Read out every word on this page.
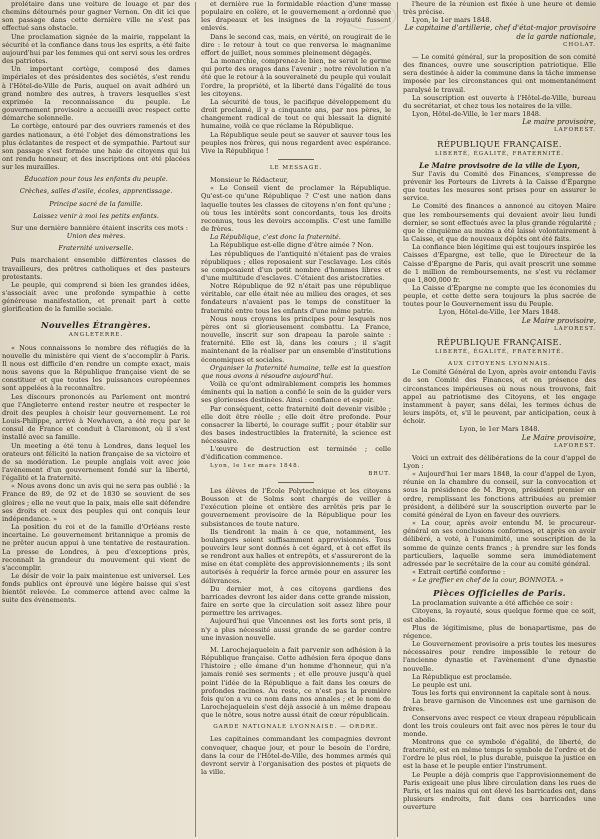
prolétaire dans une voiture de louage et par des chemins détournés pour gagner Vernon. On dit ici que son passage dans cette dernière ville ne s'est pas effectué sans obstacle.

Une proclamation signée de la mairie, rappelant la sécurité et la confiance dans tous les esprits, a été faite aujourd'hui par les femmes qui ont servi sous les ordres des patriotes.

Un important cortège, composé des dames impériales et des présidentes des sociétés, s'est rendu à l'Hôtel-de-Ville de Paris, auquel on avait adhéré un grand nombre des autres, à travers lesquelles s'est exprimée la reconnaissance du peuple. Le gouvernement provisoire a accueilli avec respect cette démarche solennelle.

Le cortège, entouré par des ouvriers ramenés et des gardes nationaux, a été l'objet des démonstrations les plus éclatantes de respect et de sympathie. Partout sur son passage s'est formée une haie de citoyens qui lui ont rendu honneur, et des inscriptions ont été placées sur les murailles.

Éducation pour tous les enfants du peuple.

Crèches, salles d'asile, écoles, apprentissage.

Principe sacré de la famille.

Laissez venir à moi les petits enfants.

Sur une dernière bannière étaient inscrits ces mots :

Union des mères.

Fraternité universelle.

Puis marchaient ensemble différentes classes de travailleurs, des prêtres catholiques et des pasteurs protestants.

Le peuple, qui comprend si bien les grandes idées, s'associait avec une profonde sympathie à cette généreuse manifestation, et prenait part à cette glorification de la famille sociale.

Nouvelles Étrangères.

ANGLETERRE.

« Nous connaissons le nombre des réfugiés de la nouvelle du ministère qui vient de s'accomplir à Paris. Il nous est difficile d'en rendre un compte exact, mais nous savons que la République française vient de se constituer et que toutes les puissances européennes sont appelées à la reconnaître.

Les discours prononcés au Parlement ont montré que l'Angleterre entend rester neutre et respecter le droit des peuples à choisir leur gouvernement. Le roi Louis-Philippe, arrivé à Newhaven, a été reçu par le consul de France et conduit à Claremont, où il s'est installé avec sa famille.

Un meeting a été tenu à Londres, dans lequel les orateurs ont félicité la nation française de sa victoire et de sa modération. Le peuple anglais voit avec joie l'avènement d'un gouvernement fondé sur la liberté, l'égalité et la fraternité.

« Nous avons donc un avis qui ne sera pas oublié : la France de 89, de 92 et de 1830 se souvient de ses gloires ; elle ne veut que la paix, mais elle sait défendre ses droits et ceux des peuples qui ont conquis leur indépendance. »

La position du roi et de la famille d'Orléans reste incertaine. Le gouvernement britannique a promis de ne prêter aucun appui à une tentative de restauration. La presse de Londres, à peu d'exceptions près, reconnaît la grandeur du mouvement qui vient de s'accomplir.

Le désir de voir la paix maintenue est universel. Les fonds publics ont éprouvé une légère baisse qui s'est bientôt relevée. Le commerce attend avec calme la suite des événements.

et dernière rue la formidable réaction d'une masse populaire en colère, et le gouvernement a ordonné que les drapeaux et les insignes de la royauté fussent enlevés.

Dans le second cas, mais, en vérité, on rougirait de le dire : le retour à tout ce que renversa le magnanime effort de juillet, nous sommes pleinement dégagés.

La monarchie, comprenez-le bien, ne serait le germe qui porte des orages dans l'avenir ; notre révolution n'a été que le retour à la souveraineté du peuple qui voulait l'ordre, la propriété, et la liberté dans l'égalité de tous les citoyens.

La sécurité de tous, le pacifique développement du droit proclamé, il y a cinquante ans, par nos pères, le changement radical de tout ce qui blessait la dignité humaine, voilà ce que réclame la République.

La République seule peut se sauver et sauver tous les peuples nos frères, qui nous regardent avec espérance. Vive la République !

LE MESSAGE.

Monsieur le Rédacteur,

« Le Conseil vient de proclamer la République. Qu'est-ce qu'une République ? C'est une nation dans laquelle toutes les classes de citoyens n'en font qu'une ; où tous les intérêts sont concordants, tous les droits reconnus, tous les devoirs accomplis. C'est une famille de frères.

La République, c'est donc la fraternité.

La République est-elle digne d'être aimée ? Non.

Les républiques de l'antiquité n'étaient pas de vraies républiques ; elles reposaient sur l'esclavage. Les cités se composaient d'un petit nombre d'hommes libres et d'une multitude d'esclaves. C'étaient des aristocraties.

Notre République de 92 n'était pas une république véritable, car elle était née au milieu des orages, et ses fondateurs n'avaient pas le temps de constituer la fraternité entre tous les enfants d'une même patrie.

Nous nous croyons les principes pour lesquels nos pères ont si glorieusement combattu. La France, nouvelle, inscrit sur son drapeau la parole sainte : fraternité. Elle est là, dans les cœurs ; il s'agit maintenant de la réaliser par un ensemble d'institutions économiques et sociales.

Organiser la fraternité humaine, telle est la question que nous avons à résoudre aujourd'hui.

Voilà ce qu'ont admirablement compris les hommes éminents qui la nation a confié le soin de la guider vers ses glorieuses destinées. Ainsi : confiance et espoir.

Par conséquent, cette fraternité doit devenir visible ; elle doit être réelle ; elle doit être profonde. Pour consacrer la liberté, le courage suffit ; pour établir sur des bases indestructibles la fraternité, la science est nécessaire.

L'œuvre de destruction est terminée ; celle d'édification commence.

Lyon, le 1er mars 1848.

BRUT.

Les élèves de l'École Polytechnique et les citoyens Bousson et de Solms sont chargés de veiller à l'exécution pleine et entière des arrêtés pris par le gouvernement provisoire de la République pour les subsistances de toute nature.

Ils tiendront la main à ce que, notamment, les boulangers soient suffisamment approvisionnés. Tous pouvoirs leur sont donnés à cet égard, et à cet effet ils se rendront aux halles et entrepôts, et s'assureront de la mise en état complète des approvisionnements ; ils sont autorisés à requérir la force armée pour en assurer les délivrances.

Du dernier mot, à ces citoyens gardiens des barricades devront les aider dans cette grande mission, faire en sorte que la circulation soit assez libre pour permettre les arrivages.

Aujourd'hui que Vincennes est les forts sont pris, il n'y a plus nécessité aussi grande de se garder contre une invasion nouvelle.

M. Larochejaquelein a fait parvenir son adhésion à la République française. Cette adhésion fera époque dans l'histoire ; elle émane d'un homme d'honneur, qui n'a jamais renié ses serments ; et elle prouve jusqu'à quel point l'idée de la République a fait dans les cœurs de profondes racines. Au reste, ce n'est pas la première fois qu'on a vu ce nom dans nos annales ; et le nom de Larochejaquelein s'est déjà associé à un même drapeau que le nôtre, sous notre aussi était de cœur républicain.

GARDE NATIONALE LYONNAISE. — ORDRE.

Les capitaines commandant les compagnies devront convoquer, chaque jour, et pour le besoin de l'ordre, dans la cour de l'Hôtel-de-Ville, des hommes armés qui devront servir à l'organisation des postes et piquets de la ville.

l'heure de la réunion est fixée à une heure et demie très précise.

Lyon, le 1er mars 1848.

Le capitaine d'artillerie, chef d'état-major provisoire de la garde nationale,

CHOLAT.

— Le comité général, sur la proposition de son comité des finances, ouvre une souscription patriotique. Elle sera destinée à aider la commune dans la tâche immense imposée par les circonstances qui ont momentanément paralysé le travail.

La souscription est ouverte à l'Hôtel-de-Ville, bureau du secrétariat, et chez tous les notaires de la ville.

Lyon, Hôtel-de-Ville, le 1er mars 1848.

Le maire provisoire,

LAFOREST.

RÉPUBLIQUE FRANÇAISE.

LIBERTÉ, ÉGALITÉ, FRATERNITÉ.

Le Maire provisoire de la ville de Lyon,

Sur l'avis du Comité des Finances, s'empresse de prévenir les Porteurs de Livrets à la Caisse d'Épargne que toutes les mesures sont prises pour en assurer le service.

Le Comité des finances a annoncé au citoyen Maire que les remboursements qui devaient avoir lieu lundi dernier, se sont effectués avec la plus grande régularité ; que le cinquième au moins a été laissé volontairement à la Caisse, et que de nouveaux dépôts ont été faits.

La confiance bien légitime qui est toujours inspirée les Caisses d'Épargne, est telle, que le Directeur de la Caisse d'Épargne de Paris, qui avait prescrit une somme de 1 million de remboursements, ne s'est vu réclamer que 1,800,000 fr.

La Caisse d'Épargne ne compte que les économies du peuple, et cette dette sera toujours la plus sacrée de toutes pour le Gouvernement issu du Peuple.

Lyon, Hôtel-de-Ville, 1er Mars 1848.

Le Maire provisoire,

LAFOREST.

RÉPUBLIQUE FRANÇAISE.

LIBERTÉ, ÉGALITÉ, FRATERNITÉ.

AUX CITOYENS LYONNAIS.

Le Comité Général de Lyon, après avoir entendu l'avis de son Comité des Finances, et en présence des circonstances impérieuses où nous nous trouvons, fait appel au patriotisme des Citoyens, et les engage instamment à payer, sans délai, les termes échus de leurs impôts, et, s'il le peuvent, par anticipation, ceux à échoir.

Lyon, le 1er Mars 1848.

Le Maire provisoire,

LAFOREST.

Voici un extrait des délibérations de la cour d'appel de Lyon :

« Aujourd'hui 1er mars 1848, la cour d'appel de Lyon, réunie en la chambre du conseil, sur la convocation et sous la présidence de M. Bryon, président premier en ordre, remplissant les fonctions attribuées au premier président, a délibéré sur la souscription ouverte par le comité général de Lyon en faveur des ouvriers.

« La cour, après avoir entendu M. le procureur-général en ses conclusions conformes, et après en avoir délibéré, a voté, à l'unanimité, une souscription de la somme de quinze cents francs ; à prendre sur les fonds particuliers, laquelle somme sera immédiatement adressée par le secrétaire de la cour au comité général.

« Extrait certifié conforme :

« Le greffier en chef de la cour, BONNOTA. »

Pièces Officielles de Paris.

La proclamation suivante a été affichée ce soir :

Citoyens, la royauté, sous quelque forme que ce soit, est abolie.

Plus de légitimisme, plus de bonapartisme, pas de régence.

Le Gouvernement provisoire a pris toutes les mesures nécessaires pour rendre impossible le retour de l'ancienne dynastie et l'avènement d'une dynastie nouvelle.

La République est proclamée.

Le peuple est uni.

Tous les forts qui environnent la capitale sont à nous.

La brave garnison de Vincennes est une garnison de frères.

Conservons avec respect ce vieux drapeau républicain dont les trois couleurs ont fait avec nos pères le tour du monde.

Montrons que ce symbole d'égalité, de liberté, de fraternité, est en même temps le symbole de l'ordre et de l'ordre le plus réel, le plus durable, puisque la justice en est la base et le peuple entier l'instrument.

Le Peuple a déjà compris que l'approvisionnement de Paris exigeait une plus libre circulation dans les rues de Paris, et les mains qui ont élevé les barricades ont, dans plusieurs endroits, fait dans ces barricades une ouverture
